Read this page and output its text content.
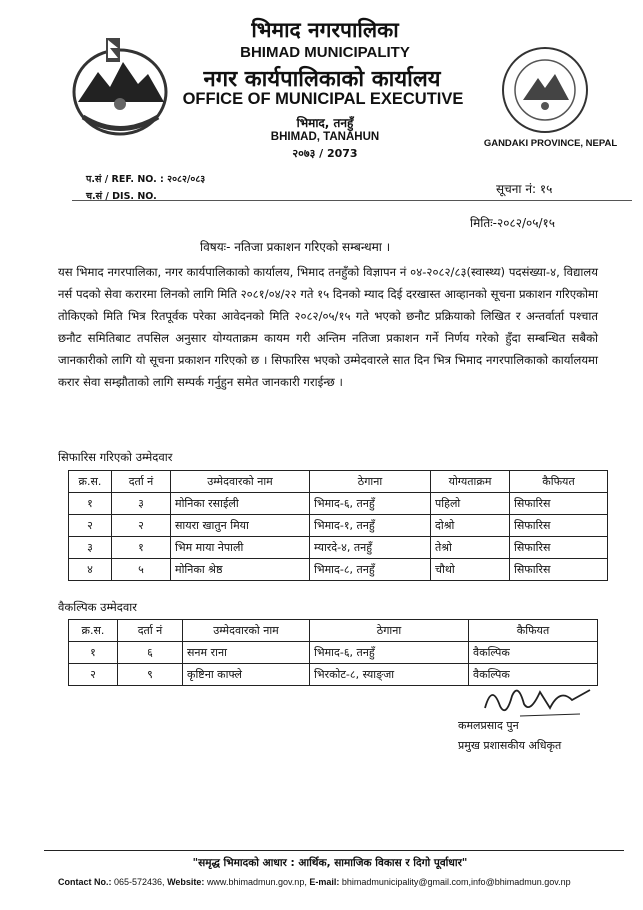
भिमाद नगरपालिका
BHIMAD MUNICIPALITY
नगर कार्यपालिकाको कार्यालय
OFFICE OF MUNICIPAL EXECUTIVE
भिमाद, तनहुँ
BHIMAD, TANAHUN
२०७३ / 2073
GANDAKI PROVINCE, NEPAL
प.सं / REF. NO. : २०८२/०८३
च.सं / DIS. NO.
सूचना नं: १५
मितिः-२०८२/०५/१५
विषयः- नतिजा प्रकाशन गरिएको सम्बन्धमा ।
यस भिमाद नगरपालिका, नगर कार्यपालिकाको कार्यालय, भिमाद तनहुँको विज्ञापन नं ०४-२०८२/८३(स्वास्थ्य) पदसंख्या-४, विद्यालय नर्स पदको सेवा करारमा लिनको लागि मिति २०८१/०४/२२ गते १५ दिनको म्याद दिई दरखास्त आव्हानको सूचना प्रकाशन गरिएकोमा तोकिएको मिति भित्र रितपूर्वक परेका आवेदनको मिति २०८२/०५/१५ गते भएको छनौट प्रक्रियाको लिखित र अन्तर्वार्ता पश्चात छनौट समितिबाट तपसिल अनुसार योग्यताक्रम कायम गरी अन्तिम नतिजा प्रकाशन गर्ने निर्णय गरेको हुँदा सम्बन्धित सबैको जानकारीको लागि यो सूचना प्रकाशन गरिएको छ । सिफारिस भएको उम्मेदवारले सात दिन भित्र भिमाद नगरपालिकाको कार्यालयमा करार सेवा सम्झौताको लागि सम्पर्क गर्नुहुन समेत जानकारी गराईन्छ ।
सिफारिस गरिएको उम्मेदवार
क्र.स.	दर्ता नं	उम्मेदवारको नाम	ठेगाना	योग्यताक्रम	कैफियत
१	३	मोनिका रसाईली	भिमाद-६, तनहुँ	पहिलो	सिफारिस
२	२	सायरा खातुन मिया	भिमाद-१, तनहुँ	दोश्रो	सिफारिस
३	१	भिम माया नेपाली	म्यारदे-४, तनहुँ	तेश्रो	सिफारिस
४	५	मोनिका श्रेष्ठ	भिमाद-८, तनहुँ	चौथो	सिफारिस
वैकल्पिक उम्मेदवार
क्र.स.	दर्ता नं	उम्मेदवारको नाम	ठेगाना	कैफियत
१	६	सनम राना	भिमाद-६, तनहुँ	वैकल्पिक
२	९	कृष्टिना काफ्ले	भिरकोट-८, स्याङ्जा	वैकल्पिक
कमलप्रसाद पुन
प्रमुख प्रशासकीय अधिकृत
"समृद्ध भिमादको आधार : आर्थिक, सामाजिक विकास र दिगो पूर्वाधार"
Contact No.: 065-572436, Website: www.bhimadmun.gov.np, E-mail: bhimadmunicipality@gmail.com,info@bhimadmun.gov.np
